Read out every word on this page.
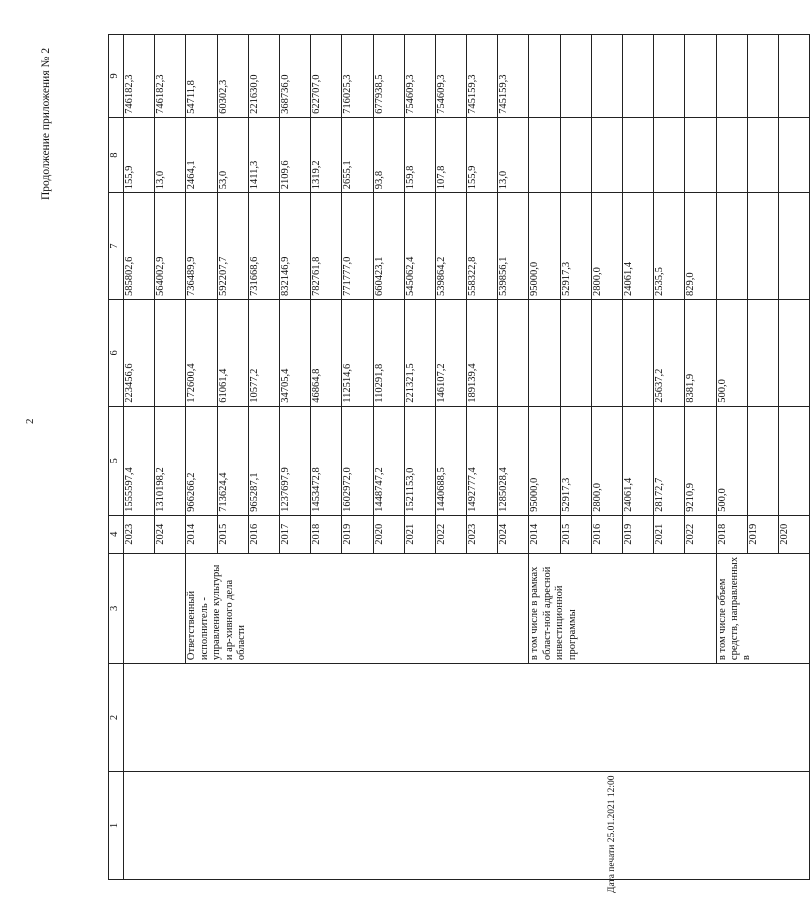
2
Продолжение приложения № 2
Дата печати 25.01.2021 12:00
1	2	3	4	5	6	7	8	9
			2023	1555597,4	223456,6	585802,6	155,9	746182,3
			2024	1310198,2		564002,9	13,0	746182,3
		Ответственный исполнитель - управление культуры и ар-хивного дела области	2014	966266,2	172600,4	736489,9	2464,1	54711,8
			2015	713624,4	61061,4	592207,7	53,0	60302,3
			2016	965287,1	10577,2	731668,6	1411,3	221630,0
			2017	1237697,9	34705,4	832146,9	2109,6	368736,0
			2018	1453472,8	46864,8	782761,8	1319,2	622707,0
			2019	1602972,0	112514,6	771777,0	2655,1	716025,3
			2020	1448747,2	110291,8	660423,1	93,8	677938,5
			2021	1521153,0	221321,5	545062,4	159,8	754609,3
			2022	1440688,5	146107,2	539864,2	107,8	754609,3
			2023	1492777,4	189139,4	558322,8	155,9	745159,3
			2024	1285028,4		539856,1	13,0	745159,3
		в том числе в рамках област-ной адресной инвестиционной программы	2014	95000,0		95000,0		
			2015	52917,3		52917,3		
			2016	2800,0		2800,0		
			2019	24061,4		24061,4		
			2021	28172,7	25637,2	2535,5		
			2022	9210,9	8381,9	829,0		
		в том числе объем средств, направленных в	2018	500,0	500,0			
			2019					
			2020					
